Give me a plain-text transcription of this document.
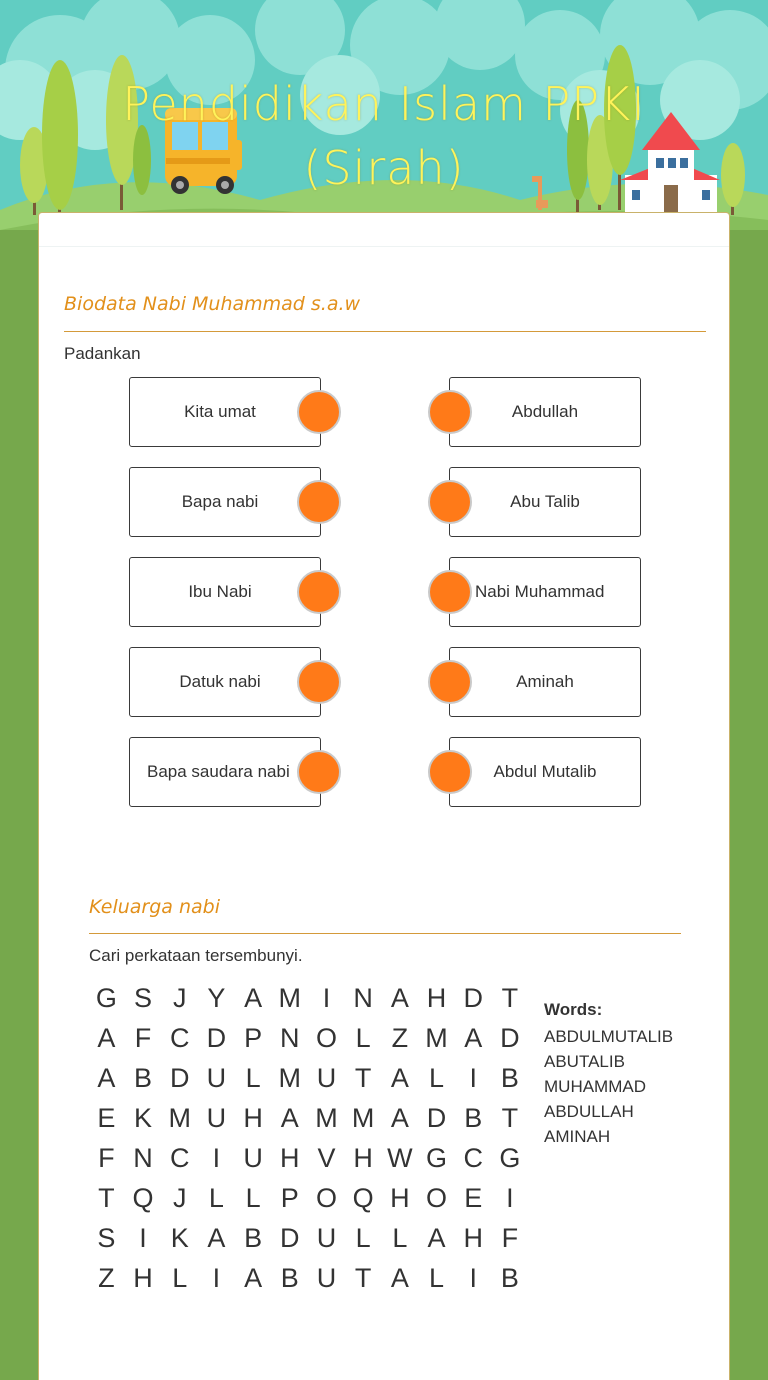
Pendidikan Islam PPKI (Sirah)
Biodata Nabi Muhammad s.a.w
Padankan
Kita umat
Bapa nabi
Ibu Nabi
Datuk nabi
Bapa saudara nabi
Abdullah
Abu Talib
Nabi Muhammad
Aminah
Abdul Mutalib
Keluarga nabi
Cari perkataan tersembunyi.
G S J Y A M I N A H D T
A F C D P N O L Z M A D
A B D U L M U T A L I B
E K M U H A M M A D B T
F N C I U H V H W G C G
T Q J L L P O Q H O E I
S I K A B D U L L A H F
Z H L I A B U T A L I B
Words:
ABDULMUTALIB
ABUTALIB
MUHAMMAD
ABDULLAH
AMINAH
